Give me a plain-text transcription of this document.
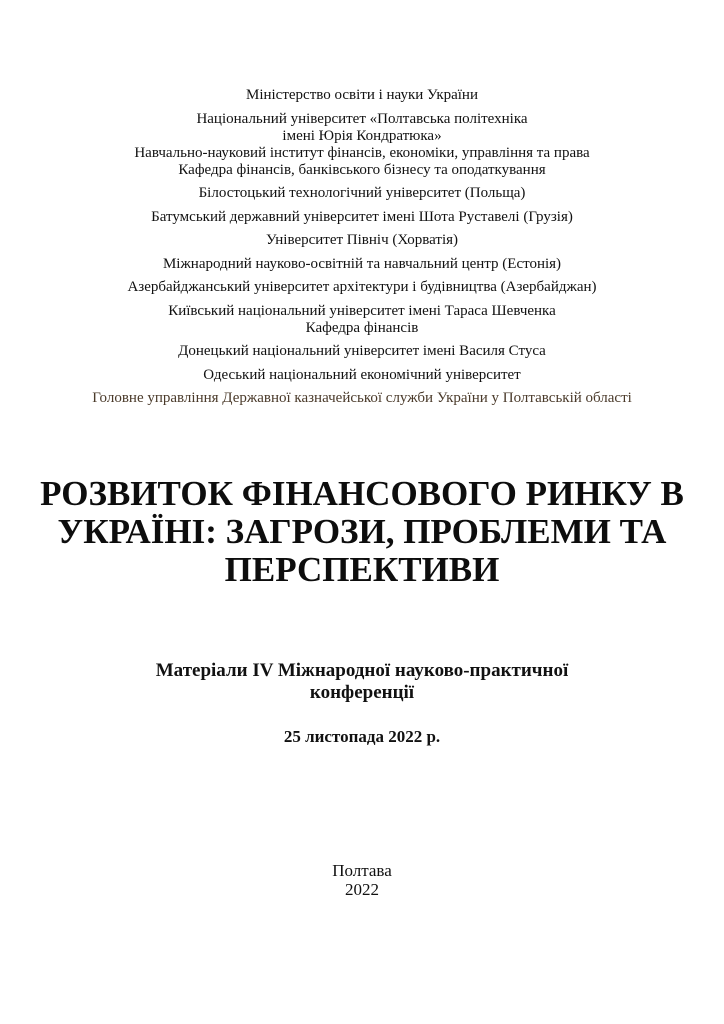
Міністерство освіти і науки України
Національний університет «Полтавська політехніка
імені Юрія Кондратюка»
Навчально-науковий інститут фінансів, економіки, управління та права
Кафедра фінансів, банківського бізнесу та оподаткування
Білостоцький технологічний університет (Польща)
Батумський державний університет імені Шота Руставелі (Грузія)
Університет Північ (Хорватія)
Міжнародний науково-освітній та навчальний центр (Естонія)
Азербайджанський університет архітектури і будівництва (Азербайджан)
Київський національний університет імені Тараса Шевченка
Кафедра фінансів
Донецький національний університет імені Василя Стуса
Одеський національний економічний університет
Головне управління Державної казначейської служби України у Полтавській області
РОЗВИТОК ФІНАНСОВОГО РИНКУ В
УКРАЇНІ: ЗАГРОЗИ, ПРОБЛЕМИ ТА
ПЕРСПЕКТИВИ
Матеріали IV Міжнародної науково-практичної
конференції
25 листопада 2022 р.
Полтава
2022
